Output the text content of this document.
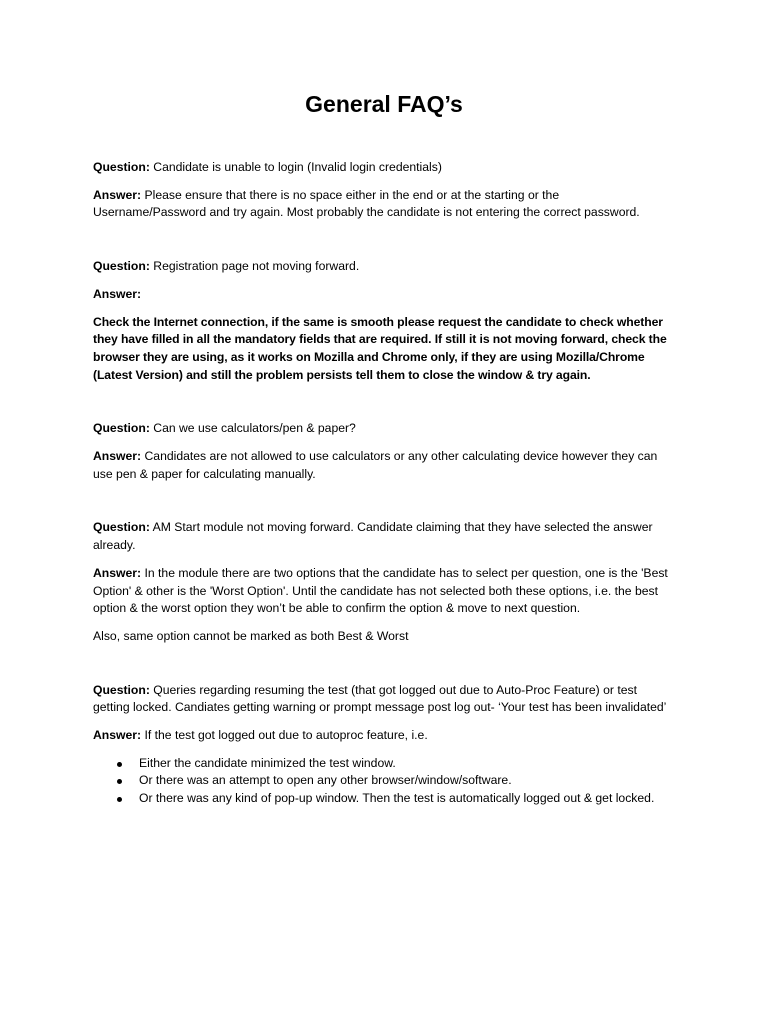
General FAQ’s

Question: Candidate is unable to login (Invalid login credentials)

Answer: Please ensure that there is no space either in the end or at the starting or the Username/Password and try again. Most probably the candidate is not entering the correct password.

Question: Registration page not moving forward.

Answer:

Check the Internet connection, if the same is smooth please request the candidate to check whether they have filled in all the mandatory fields that are required. If still it is not moving forward, check the browser they are using, as it works on Mozilla and Chrome only, if they are using Mozilla/Chrome (Latest Version) and still the problem persists tell them to close the window & try again.

Question: Can we use calculators/pen & paper?

Answer: Candidates are not allowed to use calculators or any other calculating device however they can use pen & paper for calculating manually.

Question: AM Start module not moving forward. Candidate claiming that they have selected the answer already.

Answer: In the module there are two options that the candidate has to select per question, one is the 'Best Option' & other is the 'Worst Option'. Until the candidate has not selected both these options, i.e. the best option & the worst option they won’t be able to confirm the option & move to next question.

Also, same option cannot be marked as both Best & Worst

Question: Queries regarding resuming the test (that got logged out due to Auto-Proc Feature) or test getting locked. Candiates getting warning or prompt message post log out- ‘Your test has been invalidated’

Answer: If the test got logged out due to autoproc feature, i.e.

Either the candidate minimized the test window.
Or there was an attempt to open any other browser/window/software.
Or there was any kind of pop-up window. Then the test is automatically logged out & get locked.
